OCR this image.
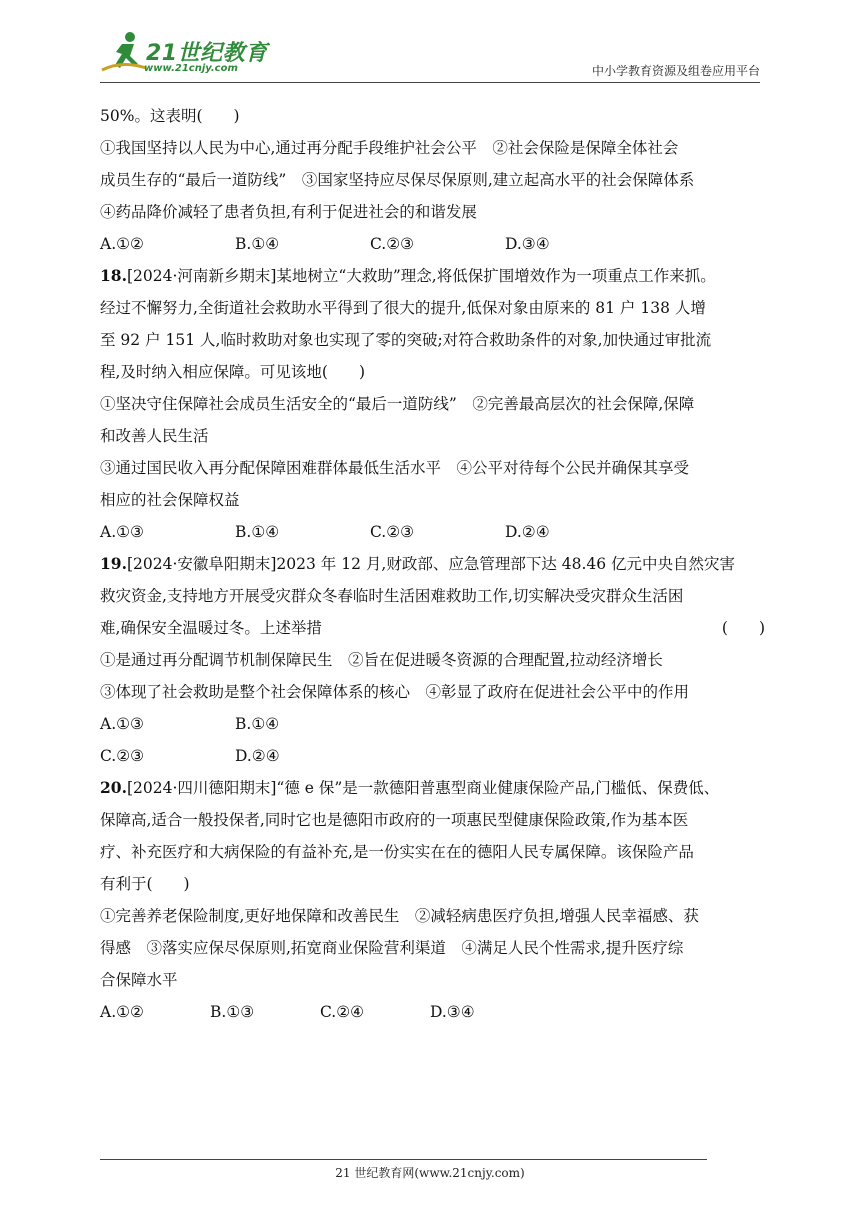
21世纪教育
www.21cnjy.com	中小学教育资源及组卷应用平台
50%。这表明(　　)
①我国坚持以人民为中心,通过再分配手段维护社会公平　②社会保险是保障全体社会
成员生存的“最后一道防线”　③国家坚持应尽保尽保原则,建立起高水平的社会保障体系
④药品降价减轻了患者负担,有利于促进社会的和谐发展
A.①②	B.①④	C.②③	D.③④
18.[2024·河南新乡期末]某地树立“大救助”理念,将低保扩围增效作为一项重点工作来抓。
经过不懈努力,全街道社会救助水平得到了很大的提升,低保对象由原来的 81 户 138 人增
至 92 户 151 人,临时救助对象也实现了零的突破;对符合救助条件的对象,加快通过审批流
程,及时纳入相应保障。可见该地(　　)
①坚决守住保障社会成员生活安全的“最后一道防线”　②完善最高层次的社会保障,保障
和改善人民生活
③通过国民收入再分配保障困难群体最低生活水平　④公平对待每个公民并确保其享受
相应的社会保障权益
A.①③	B.①④	C.②③	D.②④
19.[2024·安徽阜阳期末]2023 年 12 月,财政部、应急管理部下达 48.46 亿元中央自然灾害
救灾资金,支持地方开展受灾群众冬春临时生活困难救助工作,切实解决受灾群众生活困
难,确保安全温暖过冬。上述举措	(　　)
①是通过再分配调节机制保障民生　②旨在促进暖冬资源的合理配置,拉动经济增长
③体现了社会救助是整个社会保障体系的核心　④彰显了政府在促进社会公平中的作用
A.①③	B.①④
C.②③	D.②④
20.[2024·四川德阳期末]“德 e 保”是一款德阳普惠型商业健康保险产品,门槛低、保费低、
保障高,适合一般投保者,同时它也是德阳市政府的一项惠民型健康保险政策,作为基本医
疗、补充医疗和大病保险的有益补充,是一份实实在在的德阳人民专属保障。该保险产品
有利于(　　)
①完善养老保险制度,更好地保障和改善民生　②减轻病患医疗负担,增强人民幸福感、获
得感　③落实应保尽保原则,拓宽商业保险营利渠道　④满足人民个性需求,提升医疗综
合保障水平
A.①②	B.①③	C.②④	D.③④
21 世纪教育网(www.21cnjy.com)
